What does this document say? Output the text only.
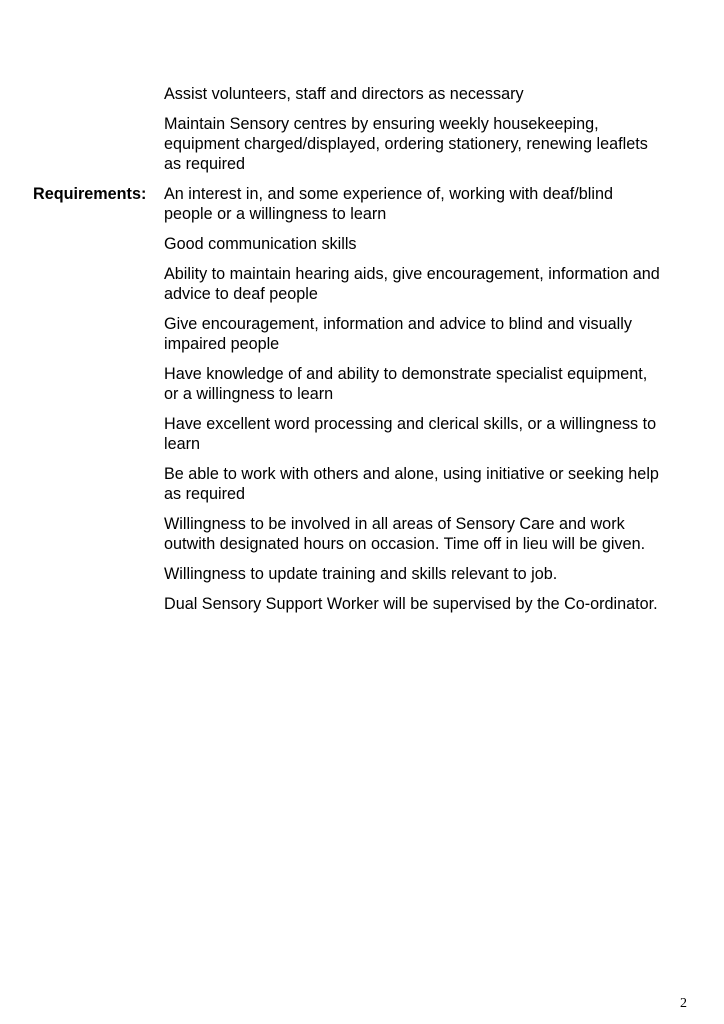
Assist volunteers, staff and directors as necessary
Maintain Sensory centres by ensuring weekly housekeeping,
equipment charged/displayed, ordering stationery, renewing leaflets
as required
Requirements: An interest in, and some experience of, working with deaf/blind
people or a willingness to learn
Good communication skills
Ability to maintain hearing aids, give encouragement, information and
advice to deaf people
Give encouragement, information and advice to blind and visually
impaired people
Have knowledge of and ability to demonstrate specialist equipment,
or a willingness to learn
Have excellent word processing and clerical skills, or a willingness to
learn
Be able to work with others and alone, using initiative or seeking help
as required
Willingness to be involved in all areas of Sensory Care and work
outwith designated hours on occasion. Time off in lieu will be given.
Willingness to update training and skills relevant to job.
Dual Sensory Support Worker will be supervised by the Co-ordinator.
2
